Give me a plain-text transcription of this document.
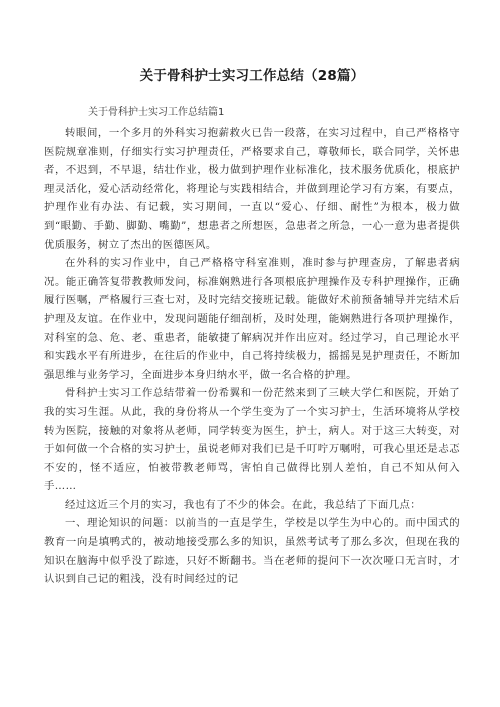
关于骨科护士实习工作总结（28篇）

关于骨科护士实习工作总结篇1

转眼间，一个多月的外科实习抱薪救火已告一段落，在实习过程中，自己严格格守医院规章准则，仔细实行实习护理责任，严格要求自己，尊敬师长，联合同学，关怀患者，不迟到，不早退，结壮作业，极力做到护理作业标准化，技术服务优质化，根底护理灵活化，爱心活动经常化，将理论与实践相结合，并做到理论学习有方案，有要点，护理作业有办法、有记载，实习期间，一直以“爱心、仔细、耐性”为根本，极力做到“眼勤、手勤、脚勤、嘴勤”，想患者之所想医，急患者之所急，一心一意为患者提供优质服务，树立了杰出的医德医风。

在外科的实习作业中，自己严格格守科室准则，准时参与护理查房，了解患者病况。能正确答复带教教师发问，标准娴熟进行各项根底护理操作及专科护理操作，正确履行医嘱，严格履行三查七对，及时完结交接班记载。能做好术前预备辅导并完结术后护理及友谊。在作业中，发现问题能仔细剖析，及时处理，能娴熟进行各项护理操作，对科室的急、危、老、重患者，能敏捷了解病况并作出应对。经过学习，自己理论水平和实践水平有所进步，在往后的作业中，自己将持续极力，摇摇晃晃护理责任，不断加强思维与业务学习，全面进步本身归纳水平，做一名合格的护理。

骨科护士实习工作总结带着一份希翼和一份茫然来到了三峡大学仁和医院，开始了我的实习生涯。从此，我的身份将从一个学生变为了一个实习护士，生活环境将从学校转为医院，接触的对象将从老师，同学转变为医生，护士，病人。对于这三大转变，对于如何做一个合格的实习护士，虽说老师对我们已是千叮咛万嘱咐，可我心里还是忐忑不安的，怪不适应，怕被带教老师骂，害怕自己做得比别人差怕，自己不知从何入手……

经过这近三个月的实习，我也有了不少的体会。在此，我总结了下面几点：

一、理论知识的问题：以前当的一直是学生，学校是以学生为中心的。而中国式的教育一向是填鸭式的，被动地接受那么多的知识，虽然考试考了那么多次，但现在我的知识在脑海中似乎没了踪迹，只好不断翻书。当在老师的提问下一次次哑口无言时，才认识到自己记的粗浅，没有时间经过的记
